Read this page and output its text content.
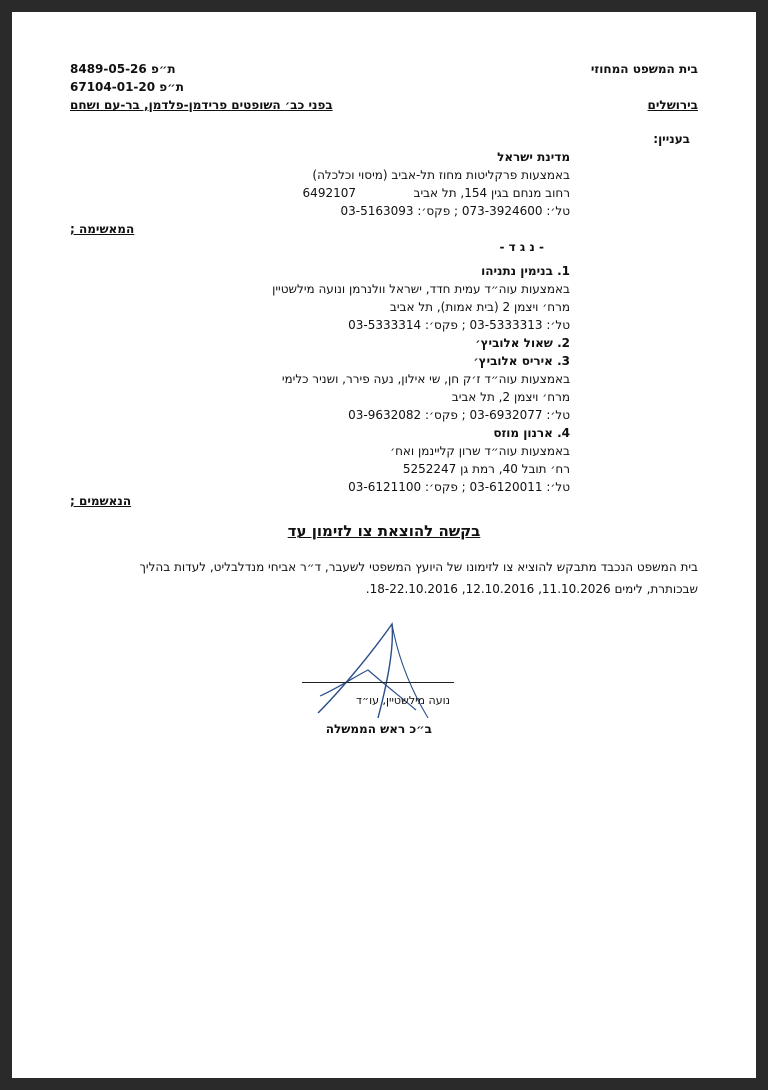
בית המשפט המחוזי
ת״פ 8489-05-26
ת״פ 67104-01-20
בירושלים
בפני כב׳ השופטים פרידמן-פלדמן, בר-עם ושחם
בעניין:
מדינת ישראל
באמצעות פרקליטות מחוז תל-אביב (מיסוי וכלכלה)
רחוב מנחם בגין 154, תל אביב
6492107
טל׳: 073-3924600 ; פקס׳: 03-5163093
המאשימה ;
- נ ג ד -
1. בנימין נתניהו
באמצעות עוה״ד עמית חדד, ישראל וולנרמן ונועה מילשטיין
מרח׳ ויצמן 2 (בית אמות), תל אביב
טל׳: 03-5333313 ; פקס׳: 03-5333314
2. שאול אלוביץ׳
3. איריס אלוביץ׳
באמצעות עוה״ד ז׳ק חן, שי אילון, נעה פירר, ושניר כלימי
מרח׳ ויצמן 2, תל אביב
טל׳: 03-6932077 ; פקס׳: 03-9632082
4. ארנון מוזס
באמצעות עוה״ד שרון קליינמן ואח׳
רח׳ תובל 40, רמת גן 5252247
טל׳: 03-6120011 ; פקס׳: 03-6121100
הנאשמים ;
בקשה להוצאת צו לזימון עד
בית המשפט הנכבד מתבקש להוציא צו לזימונו של היועץ המשפטי לשעבר, ד״ר אביחי מנדלבליט, לעדות בהליך
שבכותרת, לימים 11.10.2026, 12.10.2016, 18-22.10.2016.
נועה מילשטיין, עו״ד
ב״כ ראש הממשלה
